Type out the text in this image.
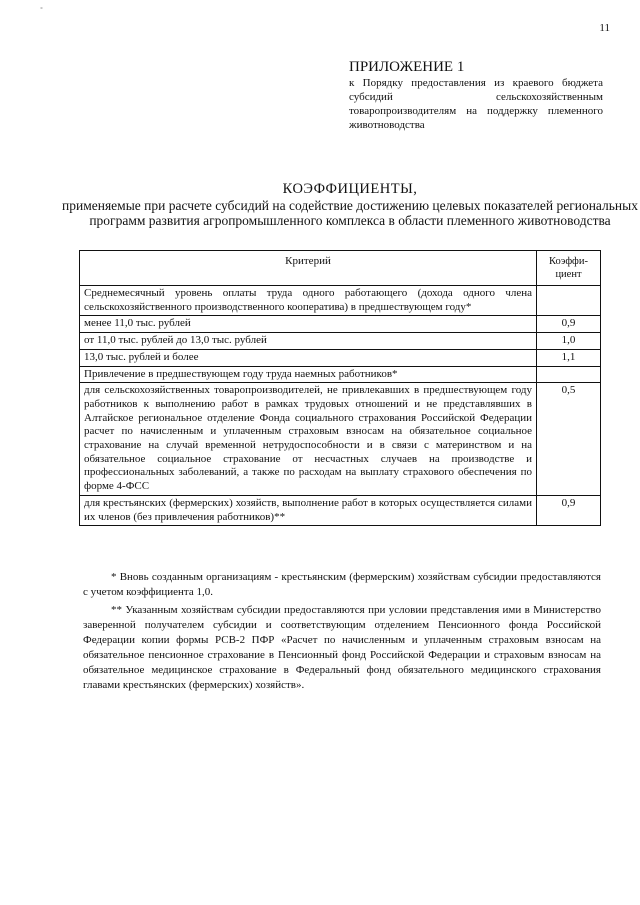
˚
11
ПРИЛОЖЕНИЕ 1
к Порядку предоставления из краевого бюджета субсидий сельскохозяйственным товаропроизводителям на поддержку племенного животноводства
КОЭФФИЦИЕНТЫ,
применяемые при расчете субсидий на содействие достижению целевых показателей региональных программ развития агропромышленного комплекса в области племенного животноводства
Критерий	Коэффи-
циент
Среднемесячный уровень оплаты труда одного работающего (дохода одного члена сельскохозяйственного производственного кооператива) в предшествующем году*	
менее 11,0 тыс. рублей	0,9
от 11,0 тыс. рублей до 13,0 тыс. рублей	1,0
13,0 тыс. рублей и более	1,1
Привлечение в предшествующем году труда наемных работников*	
для сельскохозяйственных товаропроизводителей, не привлекавших в предшествующем году работников к выполнению работ в рамках трудовых отношений и не представлявших в Алтайское региональное отделение Фонда социального страхования Российской Федерации расчет по начисленным и уплаченным страховым взносам на обязательное социальное страхование на случай временной нетрудоспособности и в связи с материнством и на обязательное социальное страхование от несчастных случаев на производстве и профессиональных заболеваний, а также по расходам на выплату страхового обеспечения по форме 4-ФСС	0,5
для крестьянских (фермерских) хозяйств, выполнение работ в которых осуществляется силами их членов (без привлечения работников)**	0,9

* Вновь созданным организациям - крестьянским (фермерским) хозяйствам субсидии предоставляются с учетом коэффициента 1,0.

** Указанным хозяйствам субсидии предоставляются при условии представления ими в Министерство заверенной получателем субсидии и соответствующим отделением Пенсионного фонда Российской Федерации копии формы РСВ-2 ПФР «Расчет по начисленным и уплаченным страховым взносам на обязательное пенсионное страхование в Пенсионный фонд Российской Федерации и страховым взносам на обязательное медицинское страхование в Федеральный фонд обязательного медицинского страхования главами крестьянских (фермерских) хозяйств».
